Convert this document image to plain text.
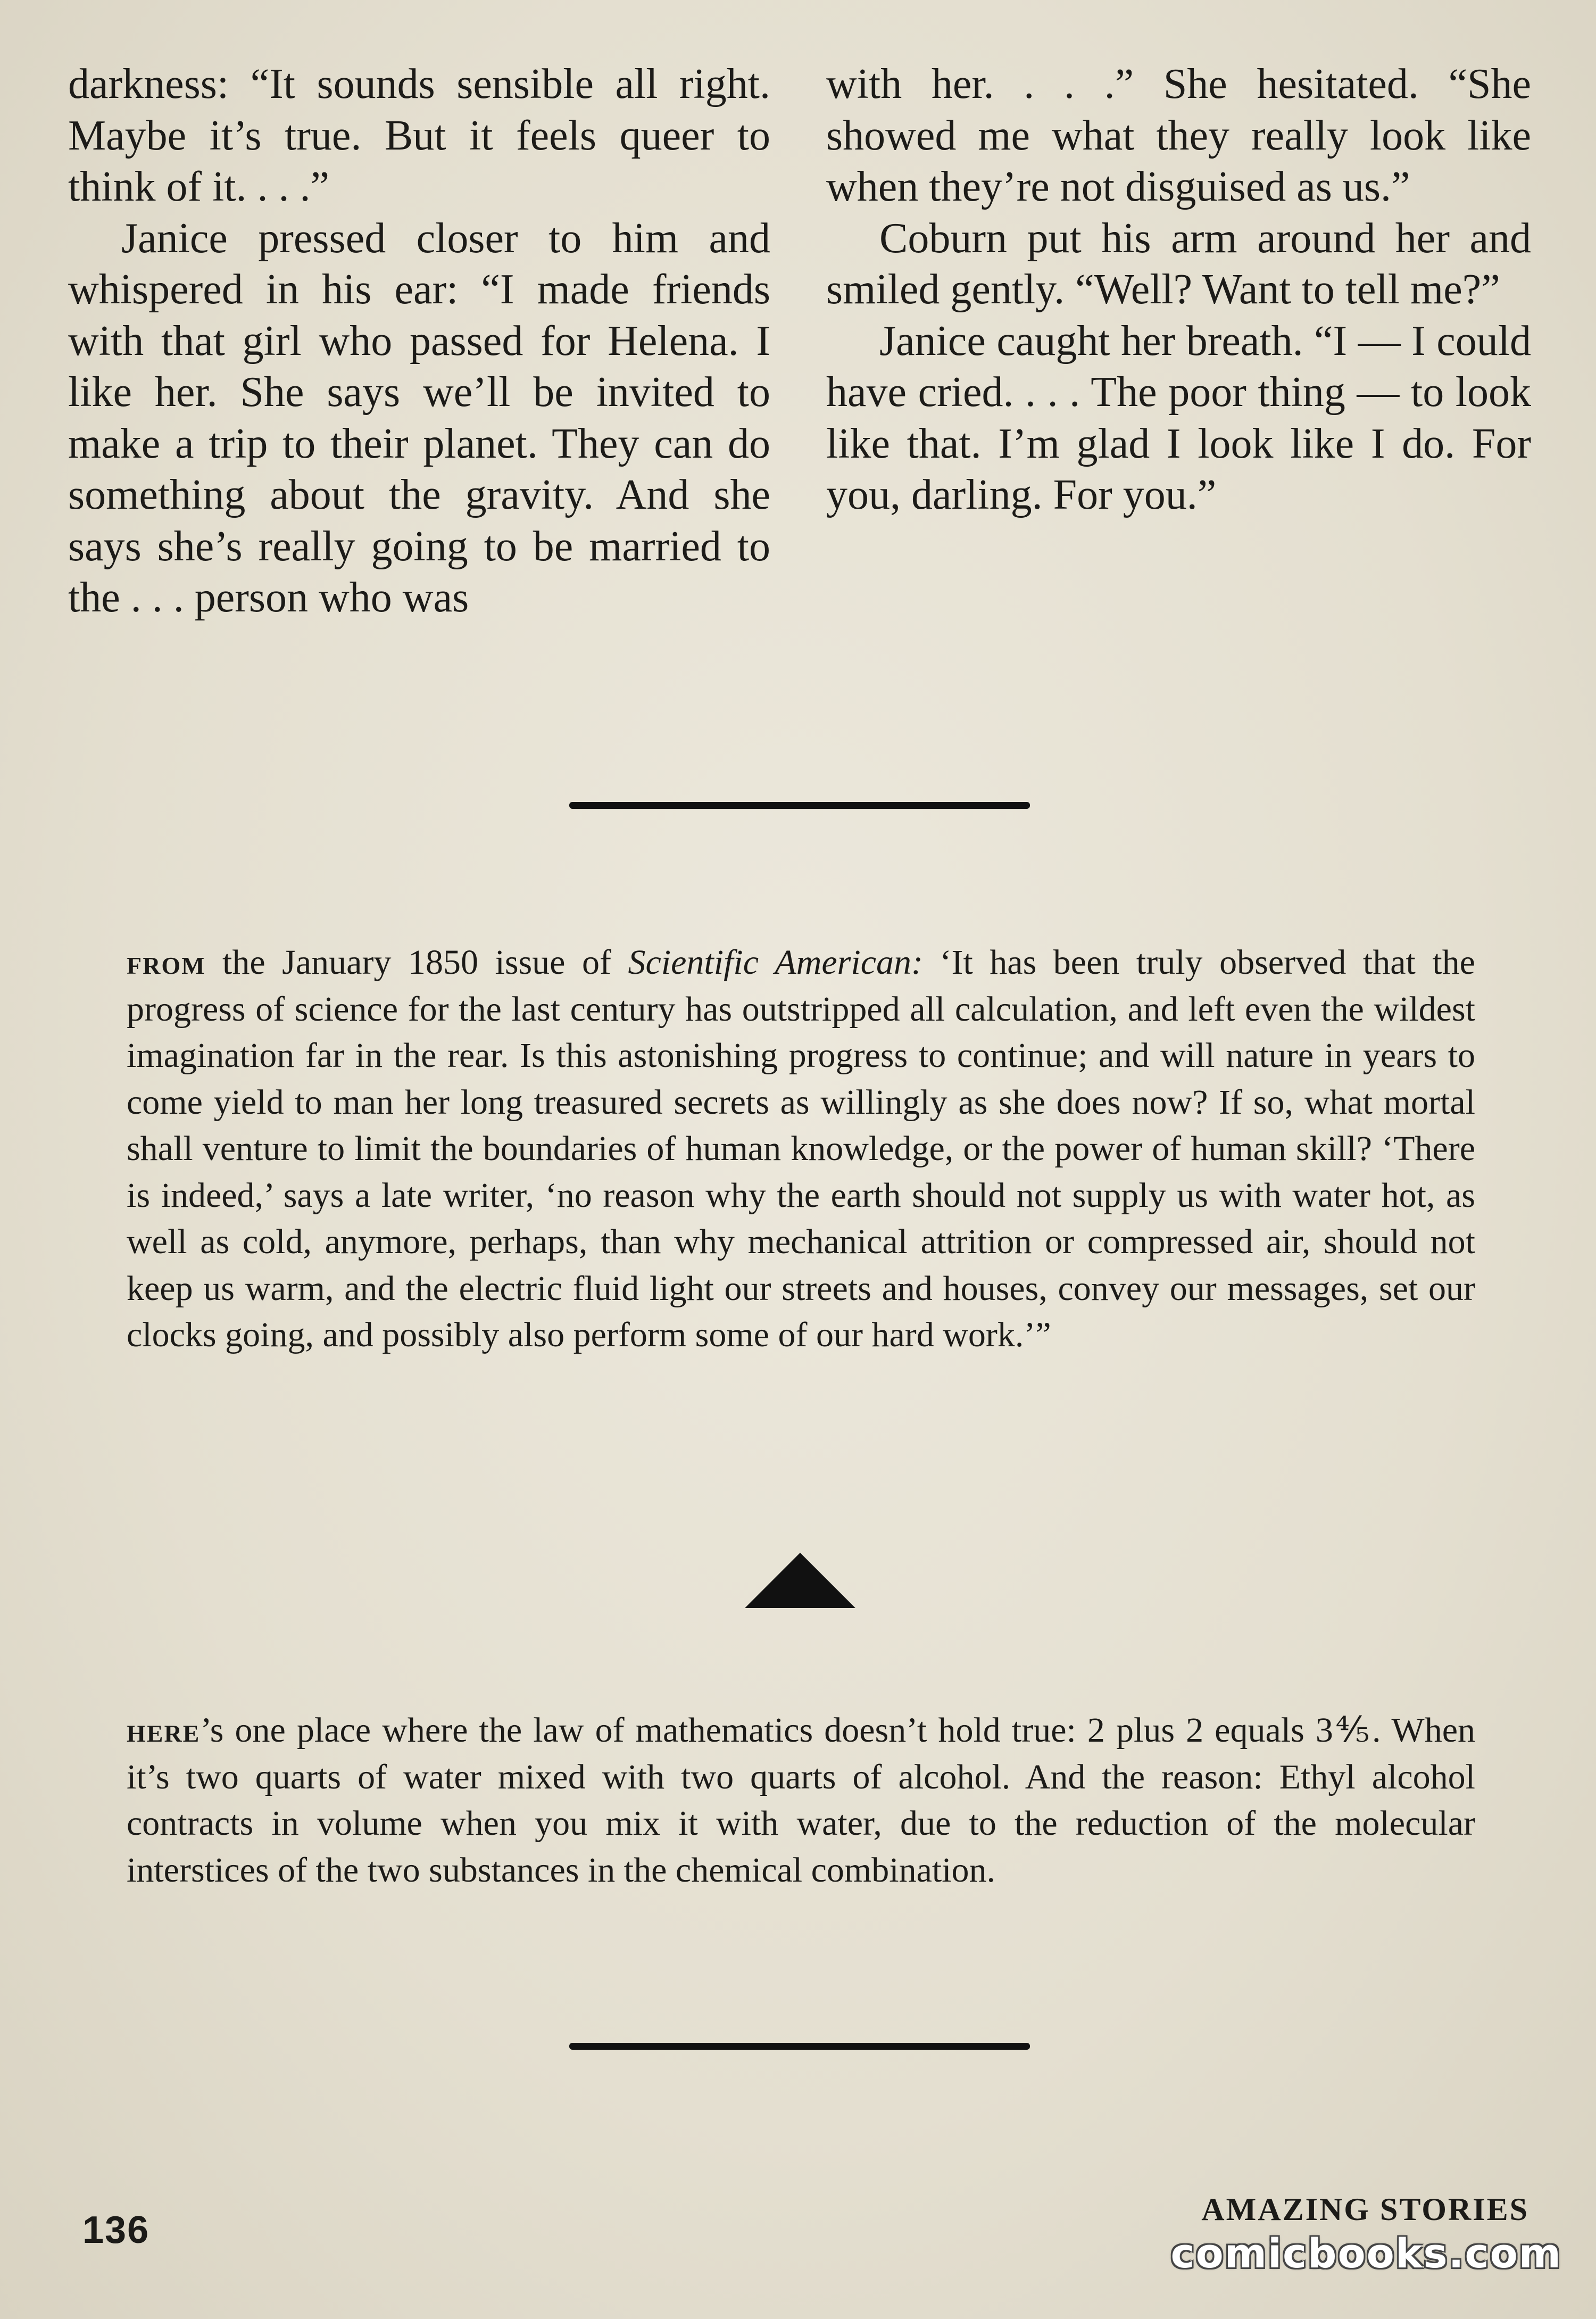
darkness: “It sounds sensible all right. Maybe it’s true. But it feels queer to think of it. . . .”

Janice pressed closer to him and whispered in his ear: “I made friends with that girl who passed for Helena. I like her. She says we’ll be invited to make a trip to their planet. They can do something about the gravity. And she says she’s really going to be married to the . . . person who was

with her. . . .” She hesitated. “She showed me what they really look like when they’re not disguised as us.”

Coburn put his arm around her and smiled gently. “Well? Want to tell me?”

Janice caught her breath. “I — I could have cried. . . . The poor thing — to look like that. I’m glad I look like I do. For you, darling. For you.”

from the January 1850 issue of Scientific American: ‘It has been truly observed that the progress of science for the last century has outstripped all calculation, and left even the wildest imagination far in the rear. Is this astonishing progress to continue; and will nature in years to come yield to man her long treasured secrets as willingly as she does now? If so, what mortal shall venture to limit the boundaries of human knowledge, or the power of human skill? ‘There is indeed,’ says a late writer, ‘no reason why the earth should not supply us with water hot, as well as cold, anymore, perhaps, than why mechanical attrition or compressed air, should not keep us warm, and the electric fluid light our streets and houses, convey our messages, set our clocks going, and possibly also perform some of our hard work.’”

here’s one place where the law of mathematics doesn’t hold true: 2 plus 2 equals 3⅘. When it’s two quarts of water mixed with two quarts of alcohol. And the reason: Ethyl alcohol contracts in volume when you mix it with water, due to the reduction of the molecular interstices of the two substances in the chemical combination.

136	AMAZING STORIES
comicbooks.com
